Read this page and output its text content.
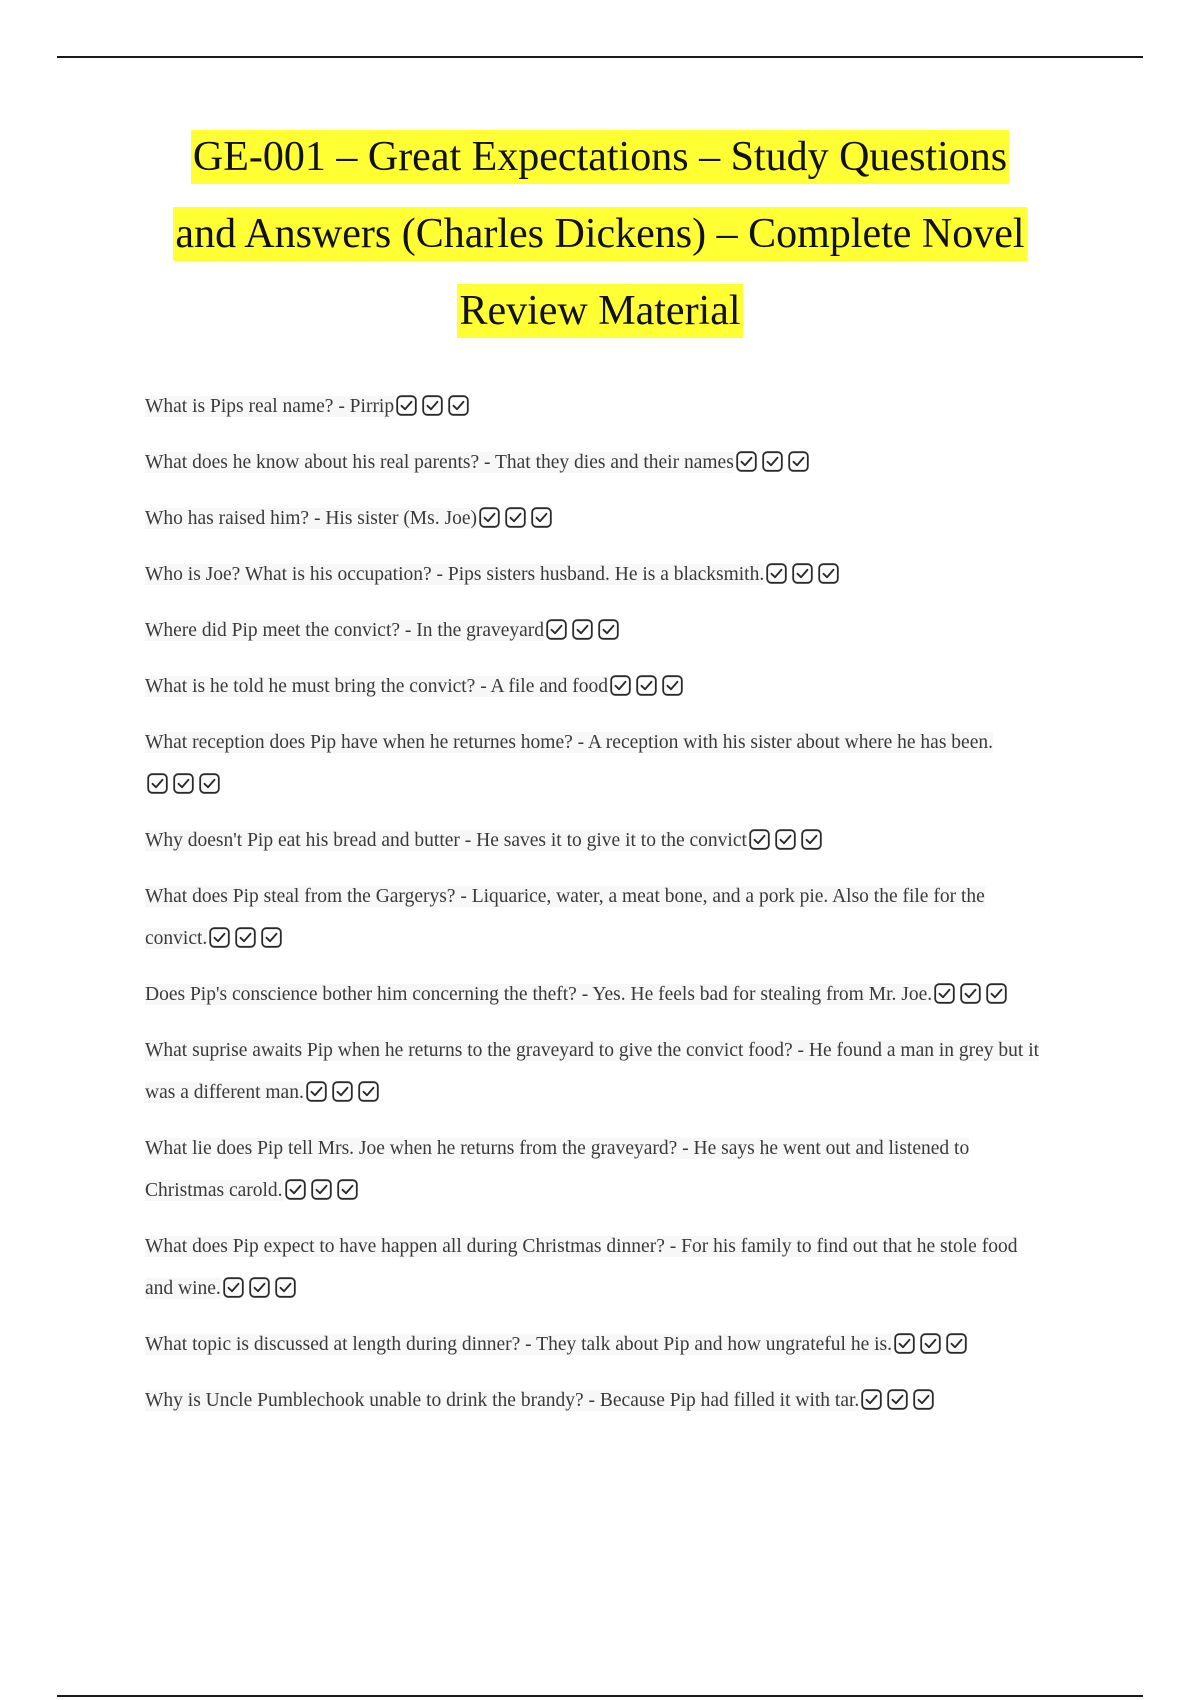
GE-001 – Great Expectations – Study Questions
and Answers (Charles Dickens) – Complete Novel
Review Material
What is Pips real name? - Pirrip
What does he know about his real parents? - That they dies and their names
Who has raised him? - His sister (Ms. Joe)
Who is Joe? What is his occupation? - Pips sisters husband. He is a blacksmith.
Where did Pip meet the convict? - In the graveyard
What is he told he must bring the convict? - A file and food
What reception does Pip have when he returnes home? - A reception with his sister about where he has been.
Why doesn't Pip eat his bread and butter - He saves it to give it to the convict
What does Pip steal from the Gargerys? - Liquarice, water, a meat bone, and a pork pie. Also the file for the convict.
Does Pip's conscience bother him concerning the theft? - Yes. He feels bad for stealing from Mr. Joe.
What suprise awaits Pip when he returns to the graveyard to give the convict food? - He found a man in grey but it was a different man.
What lie does Pip tell Mrs. Joe when he returns from the graveyard? - He says he went out and listened to Christmas carold.
What does Pip expect to have happen all during Christmas dinner? - For his family to find out that he stole food and wine.
What topic is discussed at length during dinner? - They talk about Pip and how ungrateful he is.
Why is Uncle Pumblechook unable to drink the brandy? - Because Pip had filled it with tar.
